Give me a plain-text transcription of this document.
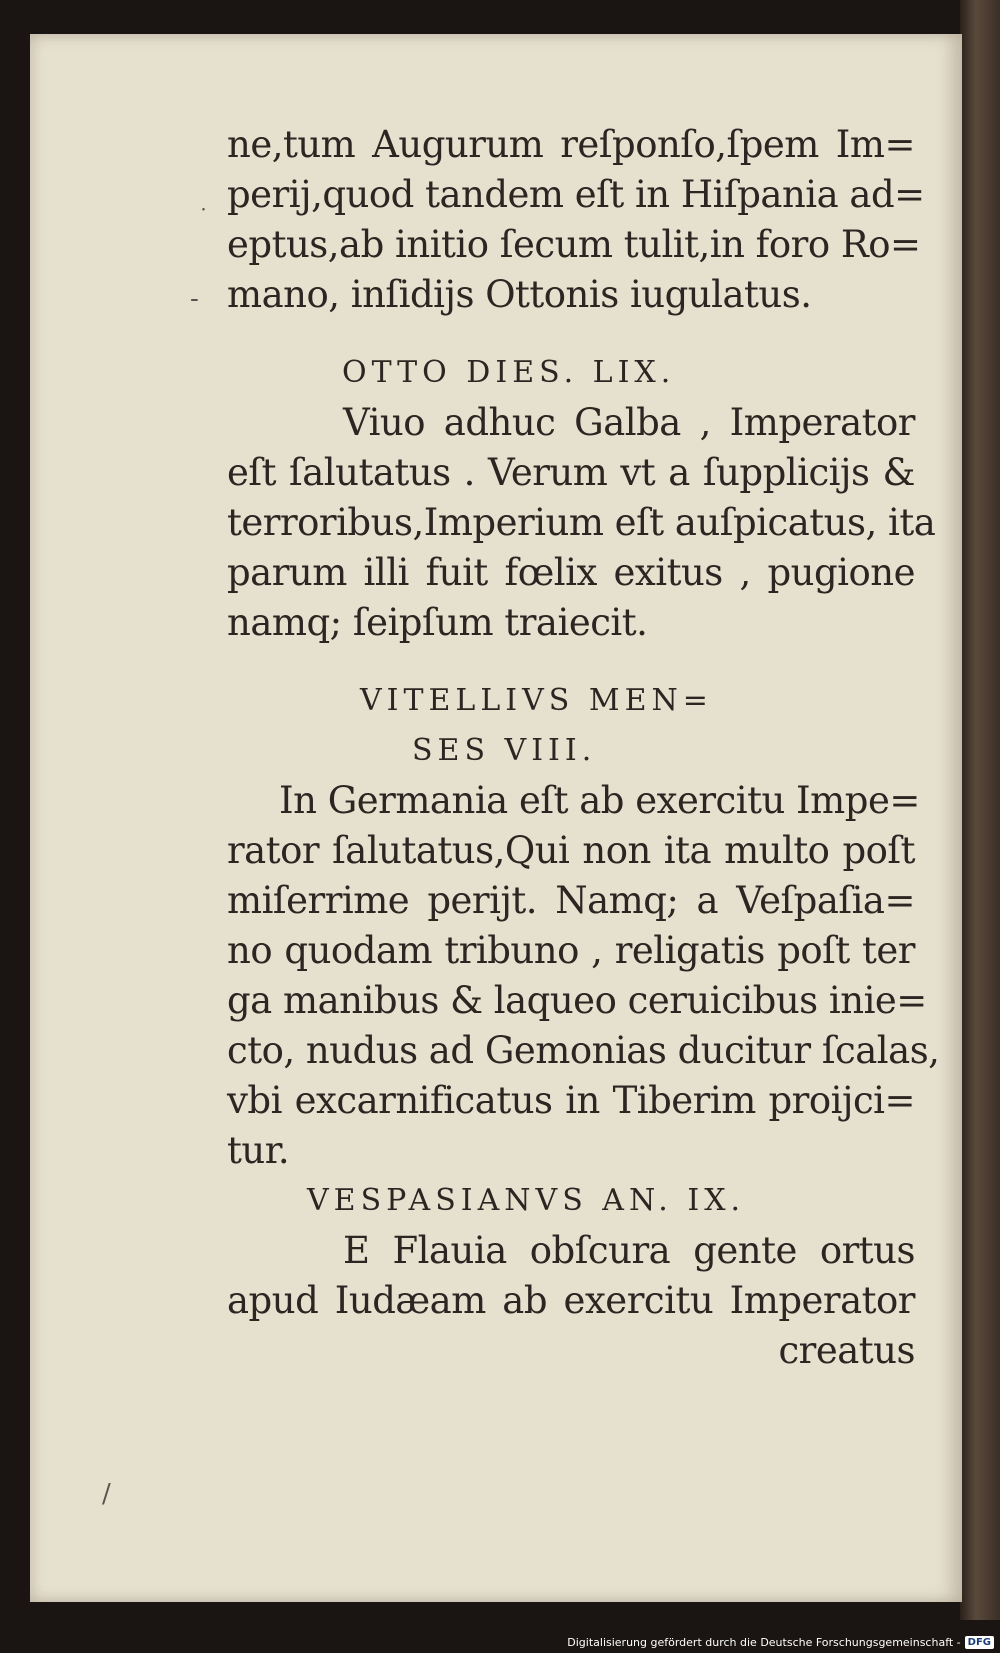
˙
-
/
ne,tum Augurum reſponſo,ſpem Im=
perij,quod tandem eſt in Hiſpania ad=
eptus,ab initio ſecum tulit,in foro Ro=
mano, inſidijs Ottonis iugulatus.
OTTO DIES. LIX.
Viuo adhuc Galba , Imperator
eſt ſalutatus . Verum vt a ſupplicijs &
terroribus,Imperium eſt auſpicatus, ita
parum illi fuit fœlix exitus , pugione
namq; ſeipſum traiecit.
VITELLIVS MEN=
SES VIII.
In Germania eſt ab exercitu Impe=
rator ſalutatus,Qui non ita multo poſt
miſerrime perijt. Namq; a Veſpaſia=
no quodam tribuno , religatis poſt ter
ga manibus & laqueo ceruicibus inie=
cto, nudus ad Gemonias ducitur ſcalas,
vbi excarnificatus in Tiberim proijci=
tur.
VESPASIANVS AN. IX.
E Flauia obſcura gente ortus
apud Iudæam ab exercitu Imperator
creatus
Digitalisierung gefördert durch die Deutsche Forschungsgemeinschaft - DFG
